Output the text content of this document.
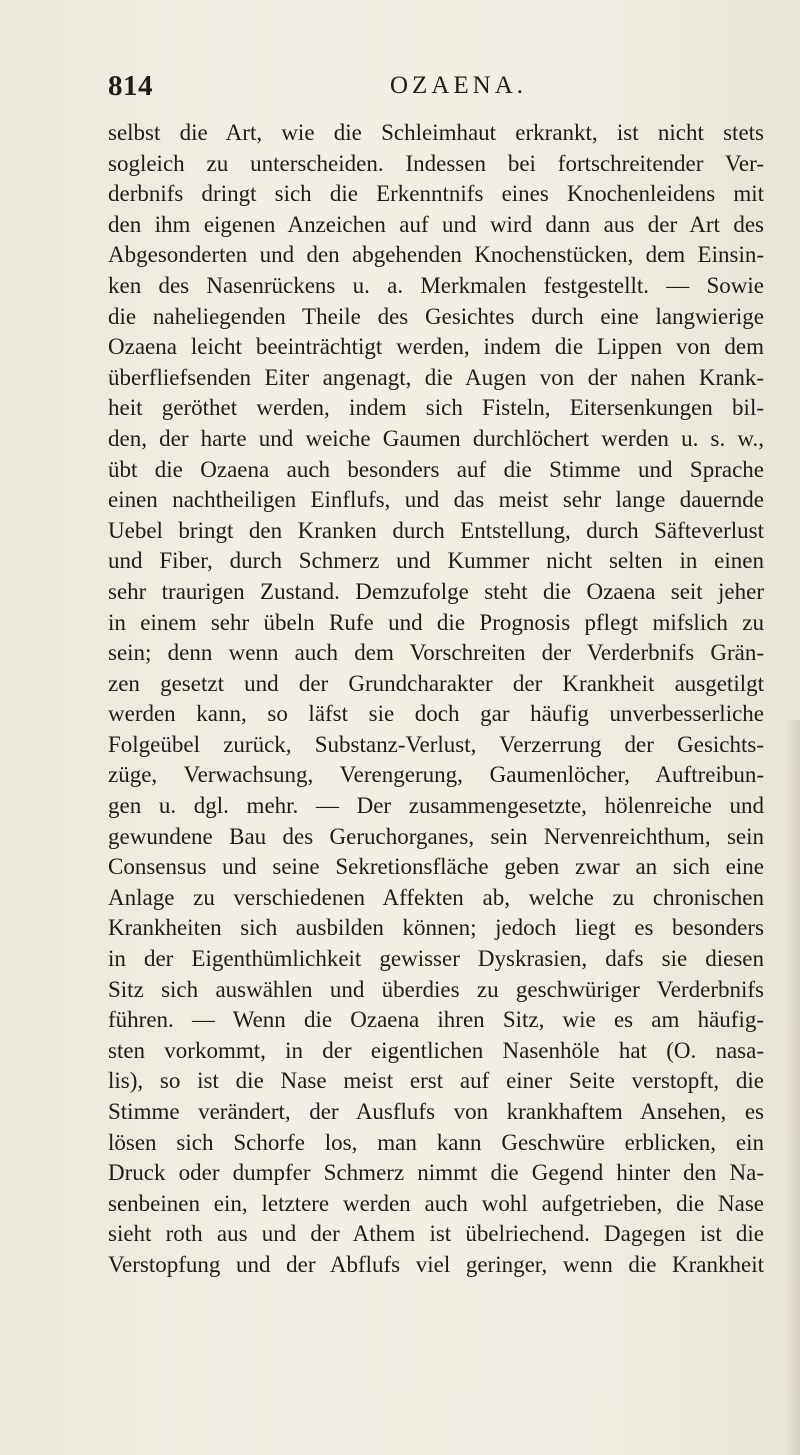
814	OZAENA.
selbst die Art, wie die Schleimhaut erkrankt, ist nicht stets
sogleich zu unterscheiden. Indessen bei fortschreitender Ver-
derbnifs dringt sich die Erkenntnifs eines Knochenleidens mit
den ihm eigenen Anzeichen auf und wird dann aus der Art des
Abgesonderten und den abgehenden Knochenstücken, dem Einsin-
ken des Nasenrückens u. a. Merkmalen festgestellt. — Sowie
die naheliegenden Theile des Gesichtes durch eine langwierige
Ozaena leicht beeinträchtigt werden, indem die Lippen von dem
überfliefsenden Eiter angenagt, die Augen von der nahen Krank-
heit geröthet werden, indem sich Fisteln, Eitersenkungen bil-
den, der harte und weiche Gaumen durchlöchert werden u. s. w.,
übt die Ozaena auch besonders auf die Stimme und Sprache
einen nachtheiligen Einflufs, und das meist sehr lange dauernde
Uebel bringt den Kranken durch Entstellung, durch Säfteverlust
und Fiber, durch Schmerz und Kummer nicht selten in einen
sehr traurigen Zustand. Demzufolge steht die Ozaena seit jeher
in einem sehr übeln Rufe und die Prognosis pflegt mifslich zu
sein; denn wenn auch dem Vorschreiten der Verderbnifs Grän-
zen gesetzt und der Grundcharakter der Krankheit ausgetilgt
werden kann, so läfst sie doch gar häufig unverbesserliche
Folgeübel zurück, Substanz-Verlust, Verzerrung der Gesichts-
züge, Verwachsung, Verengerung, Gaumenlöcher, Auftreibun-
gen u. dgl. mehr. — Der zusammengesetzte, hölenreiche und
gewundene Bau des Geruchorganes, sein Nervenreichthum, sein
Consensus und seine Sekretionsfläche geben zwar an sich eine
Anlage zu verschiedenen Affekten ab, welche zu chronischen
Krankheiten sich ausbilden können; jedoch liegt es besonders
in der Eigenthümlichkeit gewisser Dyskrasien, dafs sie diesen
Sitz sich auswählen und überdies zu geschwüriger Verderbnifs
führen. — Wenn die Ozaena ihren Sitz, wie es am häufig-
sten vorkommt, in der eigentlichen Nasenhöle hat (O. nasa-
lis), so ist die Nase meist erst auf einer Seite verstopft, die
Stimme verändert, der Ausflufs von krankhaftem Ansehen, es
lösen sich Schorfe los, man kann Geschwüre erblicken, ein
Druck oder dumpfer Schmerz nimmt die Gegend hinter den Na-
senbeinen ein, letztere werden auch wohl aufgetrieben, die Nase
sieht roth aus und der Athem ist übelriechend. Dagegen ist die
Verstopfung und der Abflufs viel geringer, wenn die Krankheit
